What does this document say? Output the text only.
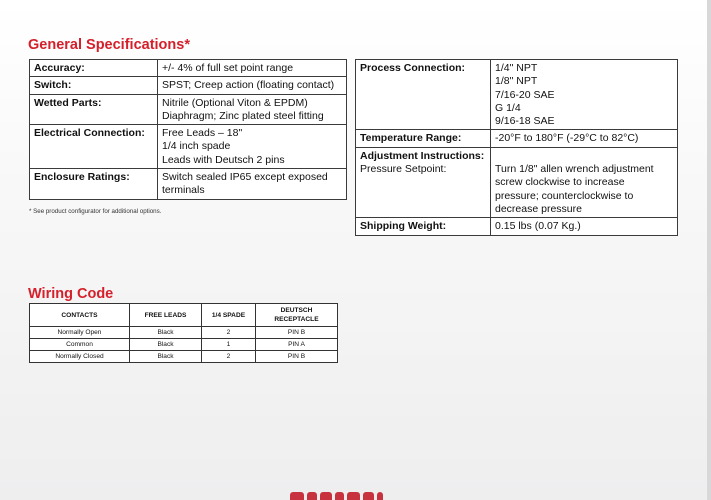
General Specifications*
Accuracy:	+/- 4% of full set point range

Switch:	SPST; Creep action (floating contact)

Wetted Parts:	Nitrile (Optional Viton & EPDM)
Diaphragm; Zinc plated steel fitting

Electrical Connection:	Free Leads – 18"
1/4 inch spade
Leads with Deutsch 2 pins

Enclosure Ratings:	Switch sealed IP65 except exposed
terminals
Process Connection:	1/4" NPT
1/8" NPT
7/16-20 SAE
G 1/4
9/16-18 SAE

Temperature Range:	-20°F to 180°F (-29°C to 82°C)

Adjustment Instructions:
Pressure Setpoint:	Turn 1/8" allen wrench adjustment
screw clockwise to increase
pressure; counterclockwise to
decrease pressure

Shipping Weight:	0.15 lbs (0.07 Kg.)
* See product configurator for additional options.
Wiring Code
CONTACTS	FREE LEADS	1/4 SPADE	DEUTSCH RECEPTACLE
Normally Open	Black	2	PIN B
Common	Black	1	PIN A
Normally Closed	Black	2	PIN B
